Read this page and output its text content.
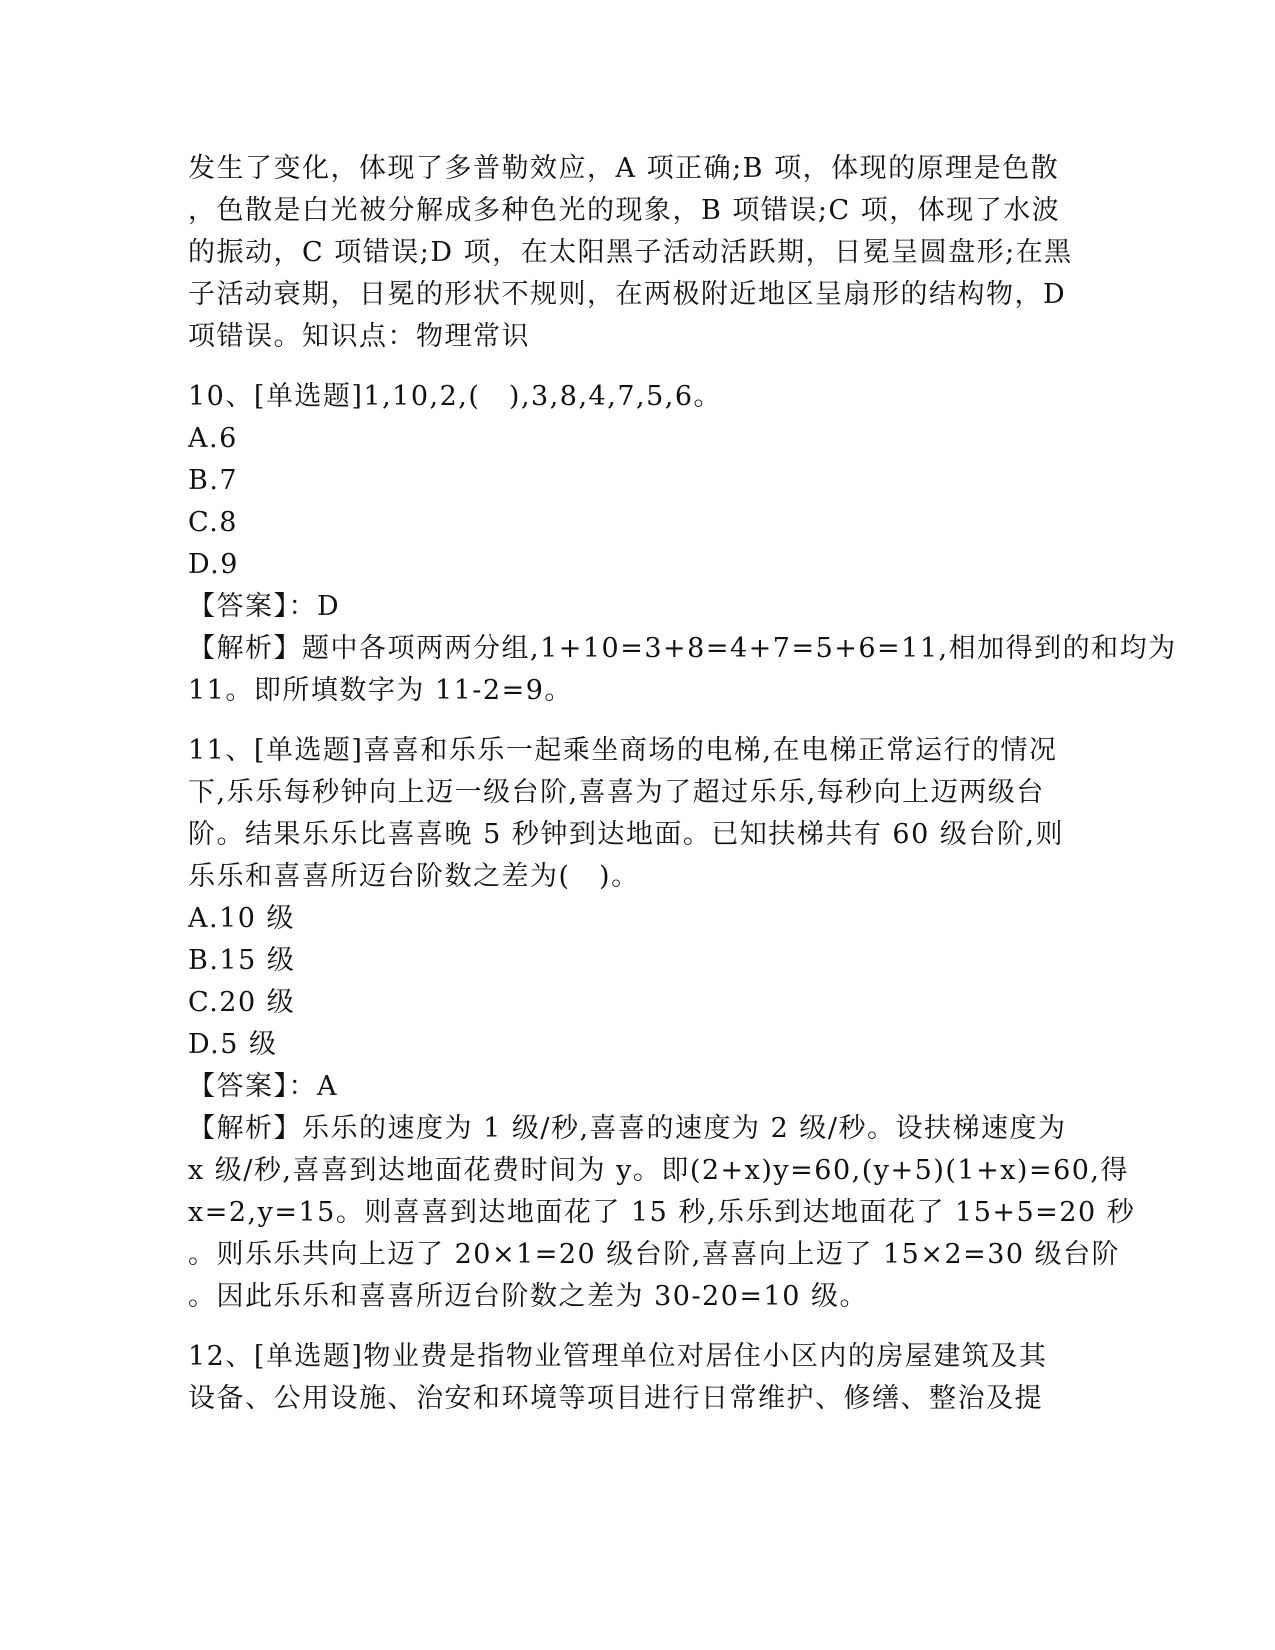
发生了变化，体现了多普勒效应，A 项正确;B 项，体现的原理是色散
，色散是白光被分解成多种色光的现象，B 项错误;C 项，体现了水波
的振动，C 项错误;D 项，在太阳黑子活动活跃期，日冕呈圆盘形;在黑
子活动衰期，日冕的形状不规则，在两极附近地区呈扇形的结构物，D
项错误。知识点：物理常识
10、[单选题]1,10,2,(　),3,8,4,7,5,6。
A.6
B.7
C.8
D.9
【答案】：D
【解析】题中各项两两分组,1+10=3+8=4+7=5+6=11,相加得到的和均为
11。即所填数字为 11-2=9。
11、[单选题]喜喜和乐乐一起乘坐商场的电梯,在电梯正常运行的情况
下,乐乐每秒钟向上迈一级台阶,喜喜为了超过乐乐,每秒向上迈两级台
阶。结果乐乐比喜喜晚 5 秒钟到达地面。已知扶梯共有 60 级台阶,则
乐乐和喜喜所迈台阶数之差为(　)。
A.10 级
B.15 级
C.20 级
D.5 级
【答案】：A
【解析】乐乐的速度为 1 级/秒,喜喜的速度为 2 级/秒。设扶梯速度为
x 级/秒,喜喜到达地面花费时间为 y。即(2+x)y=60,(y+5)(1+x)=60,得
x=2,y=15。则喜喜到达地面花了 15 秒,乐乐到达地面花了 15+5=20 秒
。则乐乐共向上迈了 20×1=20 级台阶,喜喜向上迈了 15×2=30 级台阶
。因此乐乐和喜喜所迈台阶数之差为 30-20=10 级。
12、[单选题]物业费是指物业管理单位对居住小区内的房屋建筑及其
设备、公用设施、治安和环境等项目进行日常维护、修缮、整治及提
